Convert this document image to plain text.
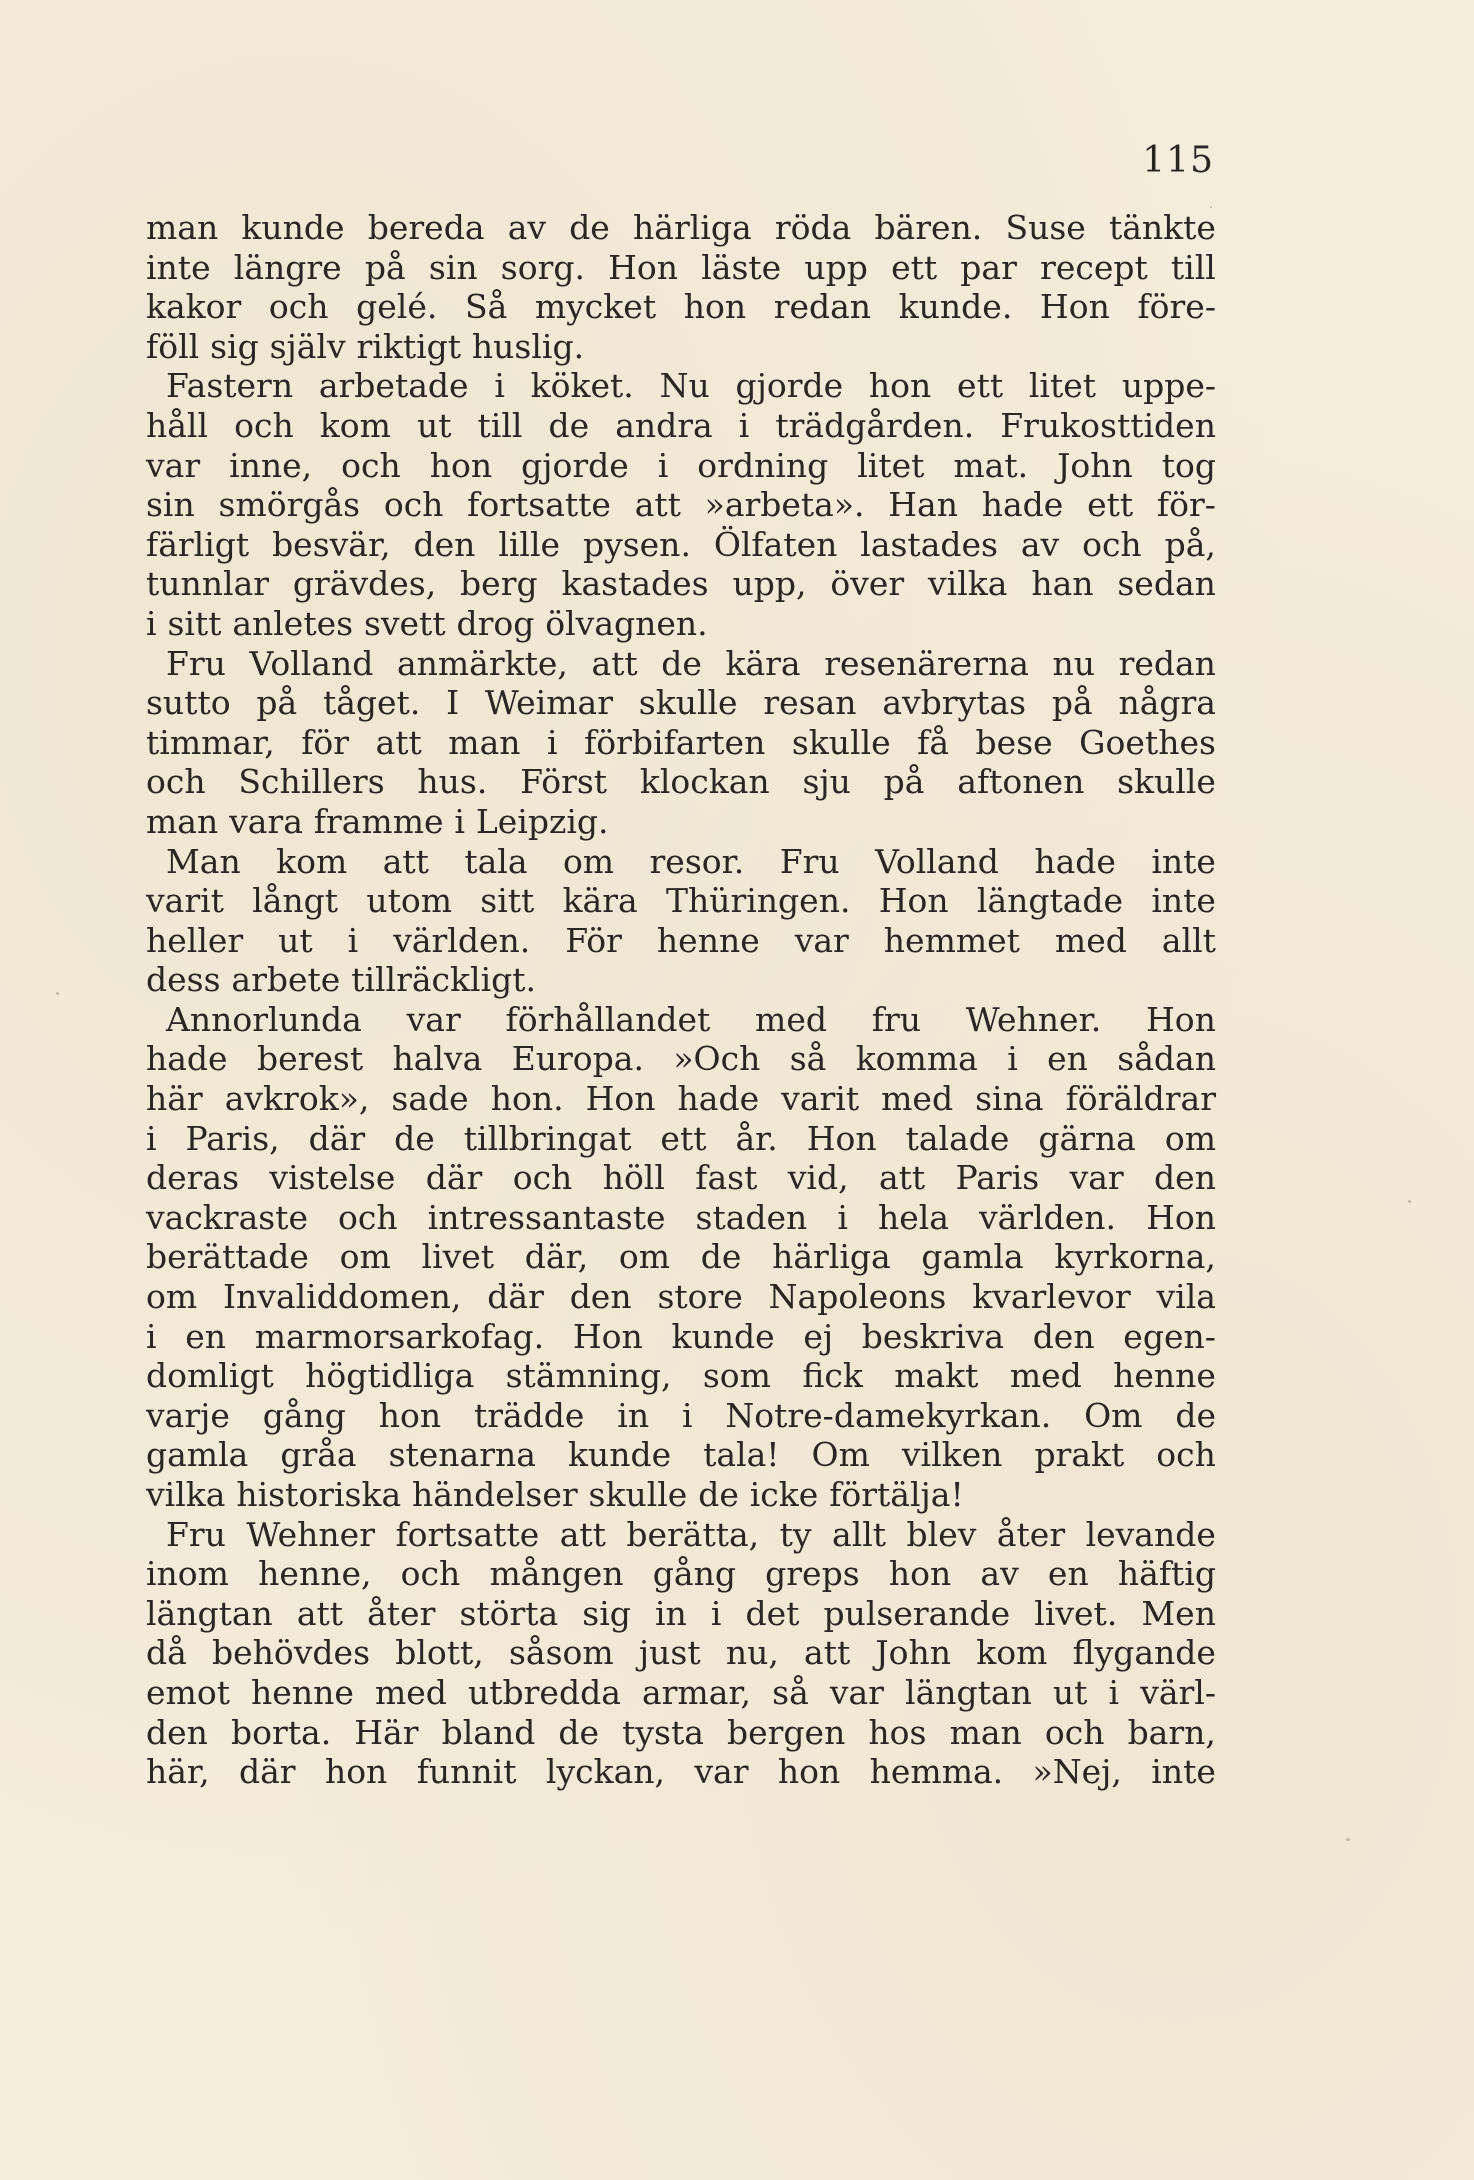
115
man kunde bereda av de härliga röda bären. Suse tänkte
inte längre på sin sorg. Hon läste upp ett par recept till
kakor och gelé. Så mycket hon redan kunde. Hon före-
föll sig själv riktigt huslig.
Fastern arbetade i köket. Nu gjorde hon ett litet uppe-
håll och kom ut till de andra i trädgården. Frukosttiden
var inne, och hon gjorde i ordning litet mat. John tog
sin smörgås och fortsatte att »arbeta». Han hade ett för-
färligt besvär, den lille pysen. Ölfaten lastades av och på,
tunnlar grävdes, berg kastades upp, över vilka han sedan
i sitt anletes svett drog ölvagnen.
Fru Volland anmärkte, att de kära resenärerna nu redan
sutto på tåget. I Weimar skulle resan avbrytas på några
timmar, för att man i förbifarten skulle få bese Goethes
och Schillers hus. Först klockan sju på aftonen skulle
man vara framme i Leipzig.
Man kom att tala om resor. Fru Volland hade inte
varit långt utom sitt kära Thüringen. Hon längtade inte
heller ut i världen. För henne var hemmet med allt
dess arbete tillräckligt.
Annorlunda var förhållandet med fru Wehner. Hon
hade berest halva Europa. »Och så komma i en sådan
här avkrok», sade hon. Hon hade varit med sina föräldrar
i Paris, där de tillbringat ett år. Hon talade gärna om
deras vistelse där och höll fast vid, att Paris var den
vackraste och intressantaste staden i hela världen. Hon
berättade om livet där, om de härliga gamla kyrkorna,
om Invaliddomen, där den store Napoleons kvarlevor vila
i en marmorsarkofag. Hon kunde ej beskriva den egen-
domligt högtidliga stämning, som fick makt med henne
varje gång hon trädde in i Notre-damekyrkan. Om de
gamla gråa stenarna kunde tala! Om vilken prakt och
vilka historiska händelser skulle de icke förtälja!
Fru Wehner fortsatte att berätta, ty allt blev åter levande
inom henne, och mången gång greps hon av en häftig
längtan att åter störta sig in i det pulserande livet. Men
då behövdes blott, såsom just nu, att John kom flygande
emot henne med utbredda armar, så var längtan ut i värl-
den borta. Här bland de tysta bergen hos man och barn,
här, där hon funnit lyckan, var hon hemma. »Nej, inte
